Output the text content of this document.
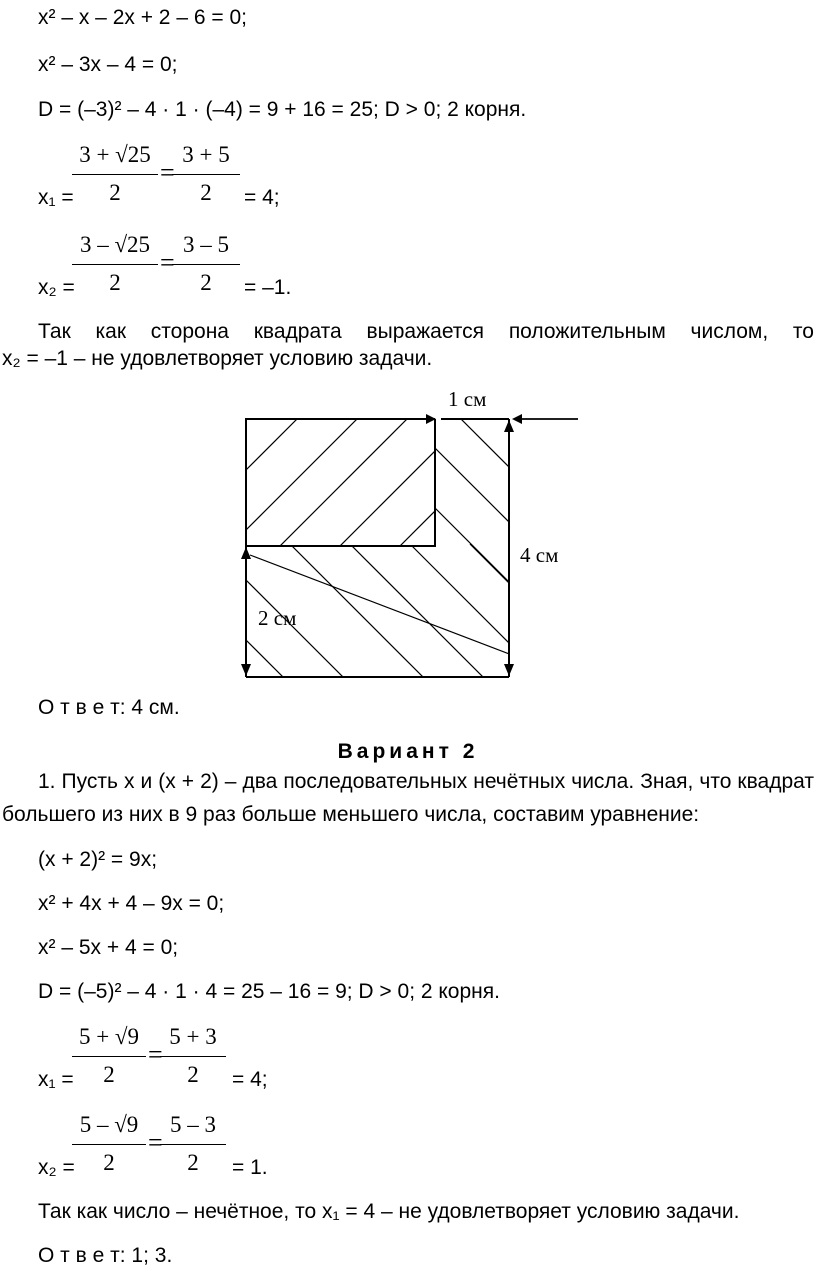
x² – x – 2x + 2 – 6 = 0;
x² – 3x – 4 = 0;
D = (–3)² – 4 · 1 · (–4) = 9 + 16 = 25; D > 0; 2 корня.
x₁ =
3 + √25
2
=
3 + 5
2	= 4;
x₂ =
3 – √25
2
=
3 – 5
2	= –1.
Так как сторона квадрата выражается положительным числом, то
x₂ = –1 – не удовлетворяет условию задачи.
1 см
4 см
2 см
О т в е т: 4 см.
Вариант 2
1. Пусть x и (x + 2) – два последовательных нечётных числа. Зная, что квадрат
большего из них в 9 раз больше меньшего числа, составим уравнение:
(x + 2)² = 9x;
x² + 4x + 4 – 9x = 0;
x² – 5x + 4 = 0;
D = (–5)² – 4 · 1 · 4 = 25 – 16 = 9; D > 0; 2 корня.
x₁ =
5 + √9
2
=
5 + 3
2	= 4;
x₂ =
5 – √9
2
=
5 – 3
2	= 1.
Так как число – нечётное, то x₁ = 4 – не удовлетворяет условию задачи.
О т в е т: 1; 3.
